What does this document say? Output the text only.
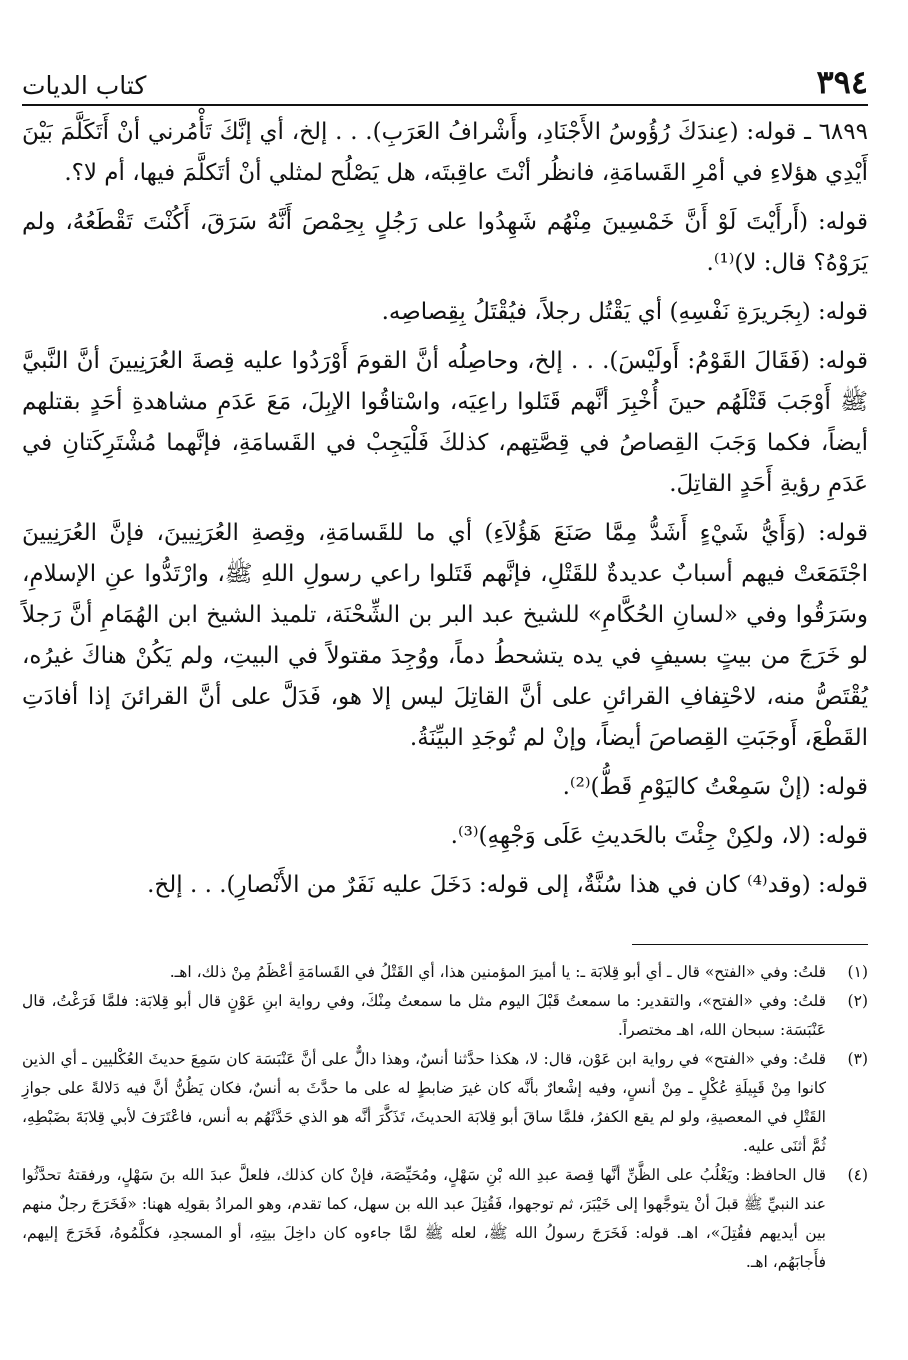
٣٩٤
كتاب الديات

٦٨٩٩ ـ قوله: (عِندَكَ رُؤُوسُ الأَجْنَادِ، وأَشْرافُ العَرَبِ). . . إلخ، أي إنَّكَ تَأْمُرني أنْ أَتَكَلَّمَ بَيْنَ أَيْدِي هؤلاءِ في أمْرِ القَسامَةِ، فانظُر أنْتَ عاقِبتَه، هل يَصْلُح لمثلي أنْ أتَكلَّمَ فيها، أم لا؟.

قوله: (أَرأَيْتَ لَوْ أَنَّ خَمْسِينَ مِنْهُم شَهِدُوا على رَجُلٍ بِحِمْصَ أَنَّهُ سَرَقَ، أَكُنْتَ تَقْطَعُهُ، ولم يَرَوْهُ؟ قال: لا)⁽¹⁾.

قوله: (بِجَريرَةِ نَفْسِهِ) أي يَقْتُل رجلاً، فيُقْتَلُ بِقِصاصِه.

قوله: (فَقَالَ القَوْمُ: أَولَيْسَ). . . إلخ، وحاصِلُه أنَّ القومَ أَوْرَدُوا عليه قِصةَ العُرَنِيينَ أنَّ النَّبيَّ ﷺ أَوْجَبَ قَتْلَهُم حينَ أُخْبِرَ أنَّهم قَتَلوا راعِيَه، واسْتاقُوا الإبِلَ، مَعَ عَدَمِ مشاهدةِ أحَدٍ بقتلهم أيضاً، فكما وَجَبَ القِصاصُ في قِصَّتِهم، كذلكَ فَلْيَجِبْ في القَسامَةِ، فإنَّهما مُشْتَرِكَتانِ في عَدَمِ رؤيةِ أَحَدٍ القاتِلَ.

قوله: (وَأَيُّ شَيْءٍ أَشَدُّ مِمَّا صَنَعَ هَؤُلاَءِ) أي ما للقَسامَةِ، وقِصةِ العُرَنِيينَ، فإنَّ العُرَنِيينَ اجْتَمَعَتْ فيهم أسبابٌ عديدةٌ للقَتْلِ، فإنَّهم قَتَلوا راعي رسولِ اللهِ ﷺ، وارْتَدُّوا عنِ الإسلامِ، وسَرَقُوا وفي «لسانِ الحُكَّامِ» للشيخ عبد البر بن الشِّحْنَة، تلميذ الشيخ ابن الهُمَامِ أنَّ رَجلاً لو خَرَجَ من بيتٍ بسيفٍ في يده يتشحطُ دماً، ووُجِدَ مقتولاً في البيتِ، ولم يَكُنْ هناكَ غيرُه، يُقْتَصُّ منه، لاحْتِفافِ القرائنِ على أنَّ القاتِلَ ليس إلا هو، فَدَلَّ على أنَّ القرائنَ إذا أفادَتِ القَطْعَ، أَوجَبَتِ القِصاصَ أيضاً، وإنْ لم تُوجَدِ البيِّنَةُ.

قوله: (إنْ سَمِعْتُ كاليَوْمِ قَطُّ)⁽²⁾.

قوله: (لا، ولكِنْ جِئْتَ بالحَديثِ عَلَى وَجْهِهِ)⁽³⁾.

قوله: (وقد⁽⁴⁾ كان في هذا سُنَّةٌ، إلى قوله: دَخَلَ عليه نَفَرٌ من الأَنْصارِ). . . إلخ.

(١)
قلتُ: وفي «الفتح» قال ـ أي أبو قِلابَة ـ: يا أميرَ المؤمنين هذا، أي القَتْلُ في القَسامَةِ أعْظَمُ مِنْ ذلك، اهـ.
(٢)
قلتُ: وفي «الفتح»، والتقدير: ما سمعتُ قَبْلَ اليوم مثل ما سمعتُ مِنْكَ، وفي رواية ابنِ عَوْنٍ قال أبو قِلابَة: فلمَّا فَرَغْتُ، قال عَنْبَسَة: سبحان الله، اهـ مختصراً.
(٣)
قلتُ: وفي «الفتح» في رواية ابن عَوْن، قال: لا، هكذا حدَّثنا أنسٌ، وهذا دالٌّ على أنَّ عَنْبَسَة كان سَمِعَ حديثَ العُكْليين ـ أي الذين كانوا مِنْ قَبِيلَةِ عُكْلٍ ـ مِنْ أنسٍ، وفيه إشْعارٌ بأنَّه كان غيرَ ضابطٍ له على ما حدَّثَ به أنسٌ، فكان يَظُنُّ أنَّ فيه دَلالةً على جوازِ القَتْلِ في المعصيةِ، ولو لم يقع الكفرُ، فلمَّا ساقَ أبو قِلابَة الحديثَ، تَذَكَّرَ أنَّه هو الذي حَدَّثَهُم به أنس، فاعْتَرَفَ لأبي قِلابَةَ بضَبْطِهِ، ثُمَّ أثنَى عليه.
(٤)
قال الحافظ: ويَغْلُبُ على الظَّنِّ أنَّها قِصة عبدِ الله بْنِ سَهْلٍ، ومُحَيِّصَة، فإنْ كان كذلك، فلعلَّ عبدَ الله بنَ سَهْلٍ، ورفقتهُ تحدَّثُوا عند النبيِّ ﷺ قبلَ أنْ يتوجَّهوا إلى خَيْبَرَ، ثم توجهوا، فَقُتِلَ عبد الله بن سهل، كما تقدم، وهو المرادُ بقولِه ههنا: «فَخَرَجَ رجلٌ منهم بين أيديهم فقُتِلَ»، اهـ. قوله: فَخَرَجَ رسولُ الله ﷺ، لعله ﷺ لمَّا جاءوه كان داخِلَ بيتِهِ، أو المسجدِ، فكلَّمُوهُ، فَخَرَجَ إليهم، فأَجابَهُم، اهـ.
